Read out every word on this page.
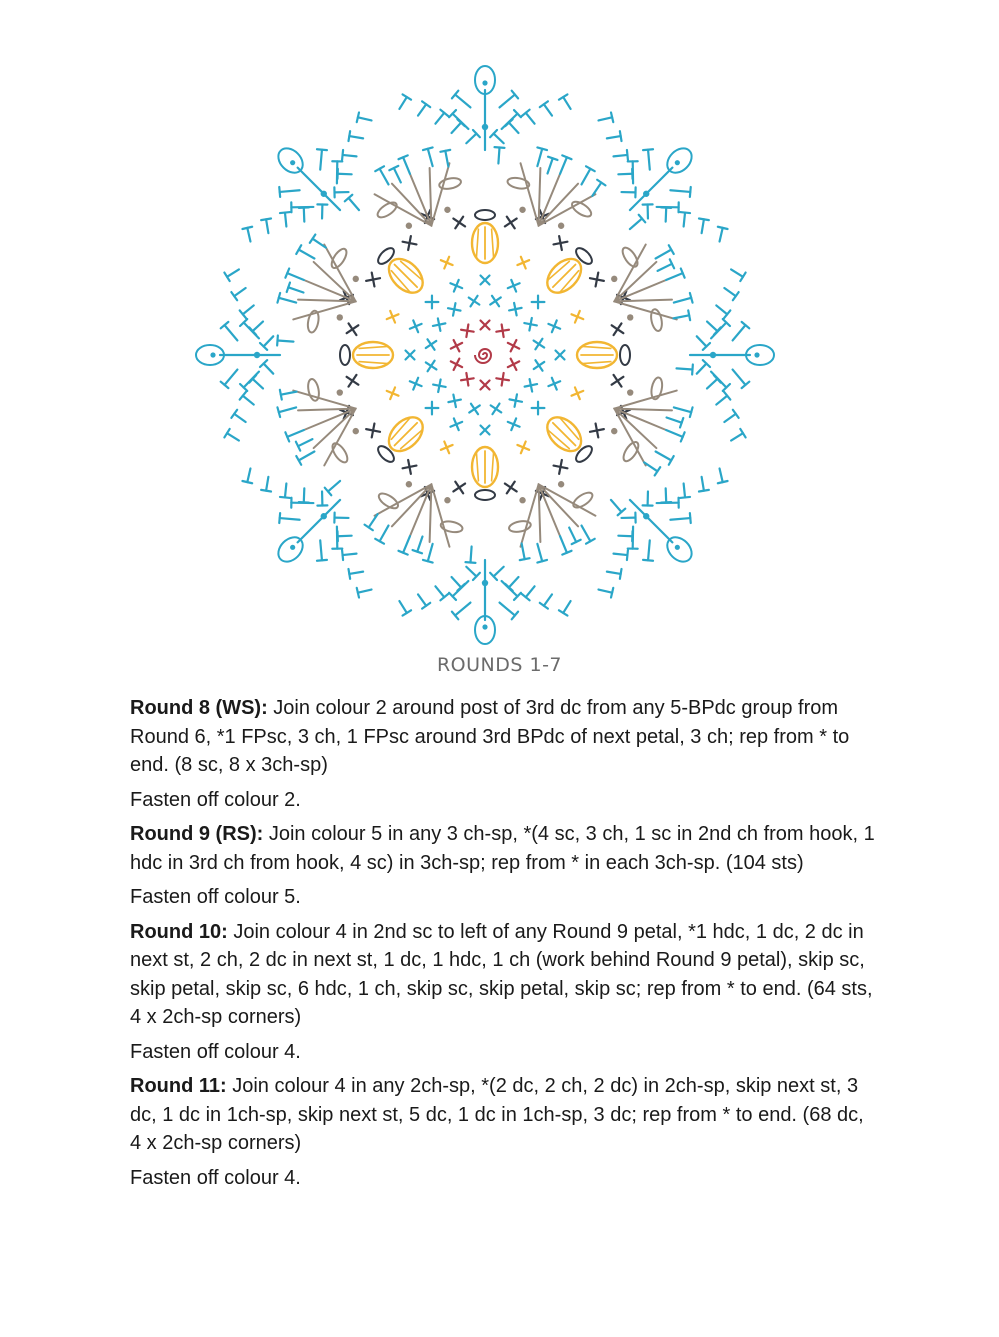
ROUNDS 1-7

Round 8 (WS): Join colour 2 around post of 3rd dc from any 5-BPdc group from Round 6, *1 FPsc, 3 ch, 1 FPsc around 3rd BPdc of next petal, 3 ch; rep from * to end. (8 sc, 8 x 3ch-sp)

Fasten off colour 2.

Round 9 (RS): Join colour 5 in any 3 ch-sp, *(4 sc, 3 ch, 1 sc in 2nd ch from hook, 1 hdc in 3rd ch from hook, 4 sc) in 3ch-sp; rep from * in each 3ch-sp. (104 sts)

Fasten off colour 5.

Round 10: Join colour 4 in 2nd sc to left of any Round 9 petal, *1 hdc, 1 dc, 2 dc in next st, 2 ch, 2 dc in next st, 1 dc, 1 hdc, 1 ch (work behind Round 9 petal), skip sc, skip petal, skip sc, 6 hdc, 1 ch, skip sc, skip petal, skip sc; rep from * to end. (64 sts, 4 x 2ch-sp corners)

Fasten off colour 4.

Round 11: Join colour 4 in any 2ch-sp, *(2 dc, 2 ch, 2 dc) in 2ch-sp, skip next st, 3 dc, 1 dc in 1ch-sp, skip next st, 5 dc, 1 dc in 1ch-sp, 3 dc; rep from * to end. (68 dc, 4 x 2ch-sp corners)

Fasten off colour 4.
